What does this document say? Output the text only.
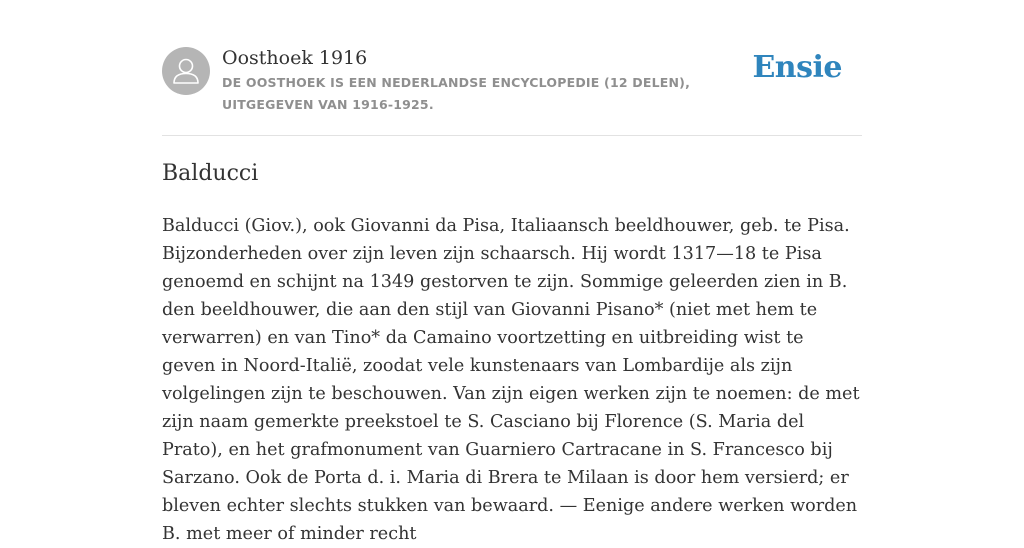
Oosthoek 1916

DE OOSTHOEK IS EEN NEDERLANDSE ENCYCLOPEDIE (12 DELEN), UITGEGEVEN VAN 1916-1925.

Ensie
Balducci

Balducci (Giov.), ook Giovanni da Pisa, Italiaansch beeldhouwer, geb. te Pisa. Bijzonderheden over zijn leven zijn schaarsch. Hij wordt 1317—18 te Pisa genoemd en schijnt na 1349 gestorven te zijn. Sommige geleerden zien in B. den beeldhouwer, die aan den stijl van Giovanni Pisano* (niet met hem te verwarren) en van Tino* da Camaino voortzetting en uitbreiding wist te geven in Noord-Italië, zoodat vele kunstenaars van Lombardije als zijn volgelingen zijn te beschouwen. Van zijn eigen werken zijn te noemen: de met zijn naam gemerkte preekstoel te S. Casciano bij Florence (S. Maria del Prato), en het grafmonument van Guarniero Cartracane in S. Francesco bij Sarzano. Ook de Porta d. i. Maria di Brera te Milaan is door hem versierd; er bleven echter slechts stukken van bewaard. — Eenige andere werken worden B. met meer of minder recht
